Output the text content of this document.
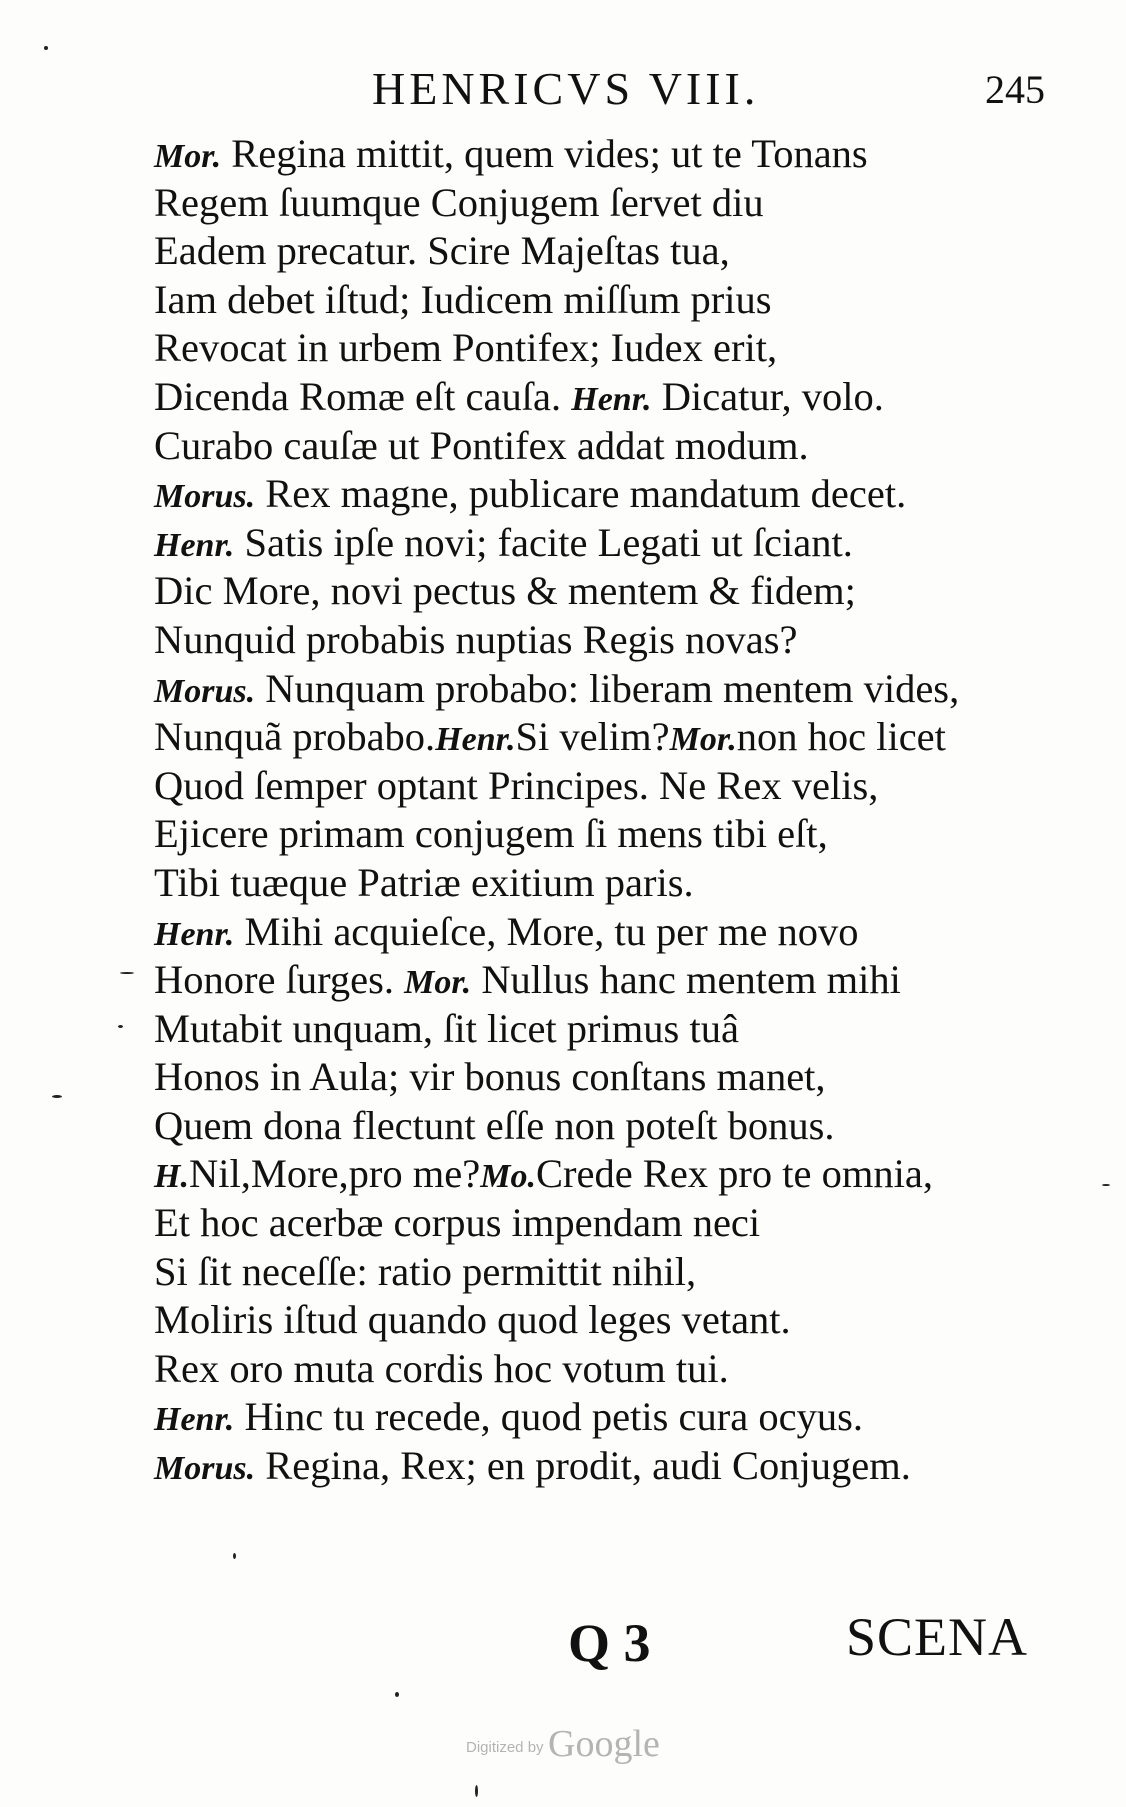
HENRICVS VIII.	245
Mor. Regina mittit, quem vides; ut te Tonans
Regem ſuumque Conjugem ſervet diu
Eadem precatur. Scire Majeſtas tua,
Iam debet iſtud; Iudicem miſſum prius
Revocat in urbem Pontifex; Iudex erit,
Dicenda Romæ eſt cauſa. Henr. Dicatur, volo.
Curabo cauſæ ut Pontifex addat modum.
Morus. Rex magne, publicare mandatum decet.
Henr. Satis ipſe novi; facite Legati ut ſciant.
Dic More, novi pectus & mentem & fidem;
Nunquid probabis nuptias Regis novas?
Morus. Nunquam probabo: liberam mentem vides,
Nunquã probabo.Henr.Si velim?Mor.non hoc licet
Quod ſemper optant Principes. Ne Rex velis,
Ejicere primam conjugem ſi mens tibi eſt,
Tibi tuæque Patriæ exitium paris.
Henr. Mihi acquieſce, More, tu per me novo
Honore ſurges. Mor. Nullus hanc mentem mihi
Mutabit unquam, ſit licet primus tuâ
Honos in Aula; vir bonus conſtans manet,
Quem dona flectunt eſſe non poteſt bonus.
H.Nil,More,pro me?Mo.Crede Rex pro te omnia,
Et hoc acerbæ corpus impendam neci
Si ſit neceſſe: ratio permittit nihil,
Moliris iſtud quando quod leges vetant.
Rex oro muta cordis hoc votum tui.
Henr. Hinc tu recede, quod petis cura ocyus.
Morus. Regina, Rex; en prodit, audi Conjugem.
Q 3	SCENA
Digitized by Google
